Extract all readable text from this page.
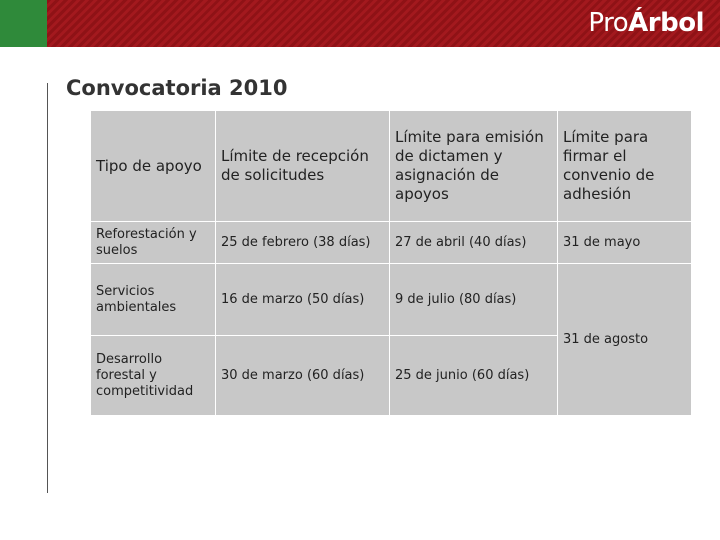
ProÁrbol
Convocatoria 2010
Tipo de apoyo	Límite de recepción de solicitudes	Límite para emisión de dictamen y asignación de apoyos	Límite para firmar el convenio de adhesión
Reforestación y suelos	25 de febrero (38 días)	27 de abril (40 días)	31 de mayo
Servicios ambientales	16 de marzo (50 días)	9 de julio (80 días)	31 de agosto
Desarrollo forestal y competitividad	30 de marzo (60 días)	25 de junio (60 días)	
